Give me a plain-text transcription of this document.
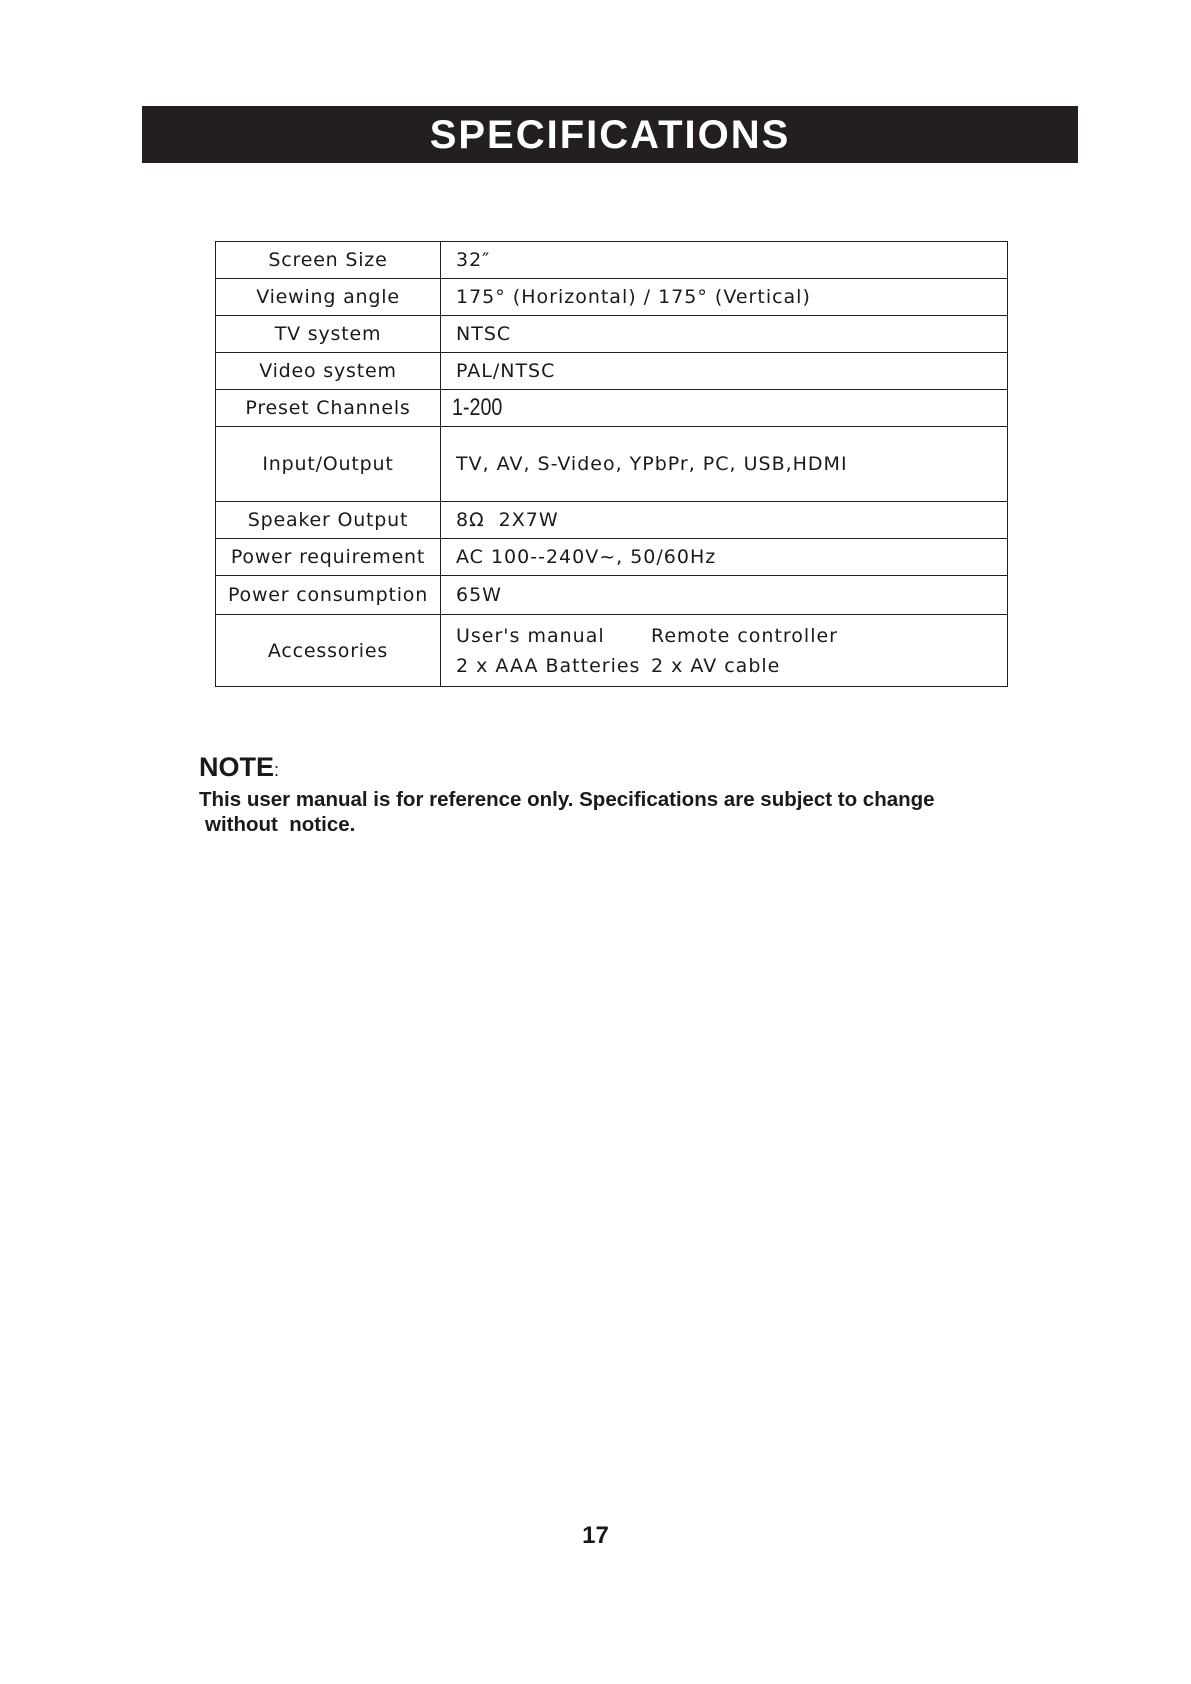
SPECIFICATIONS
Screen Size	32″
Viewing angle	175° (Horizontal) / 175° (Vertical)
TV system	NTSC
Video system	PAL/NTSC
Preset Channels	1-200
Input/Output	TV, AV, S-Video, YPbPr, PC, USB,HDMI
Speaker Output	8Ω  2X7W
Power requirement	AC 100--240V~, 50/60Hz
Power consumption	65W
Accessories	User's manual Remote controller
2 x AAA Batteries 2 x AV cable
NOTE:
This user manual is for reference only. Specifications are subject to change
without  notice.
17
